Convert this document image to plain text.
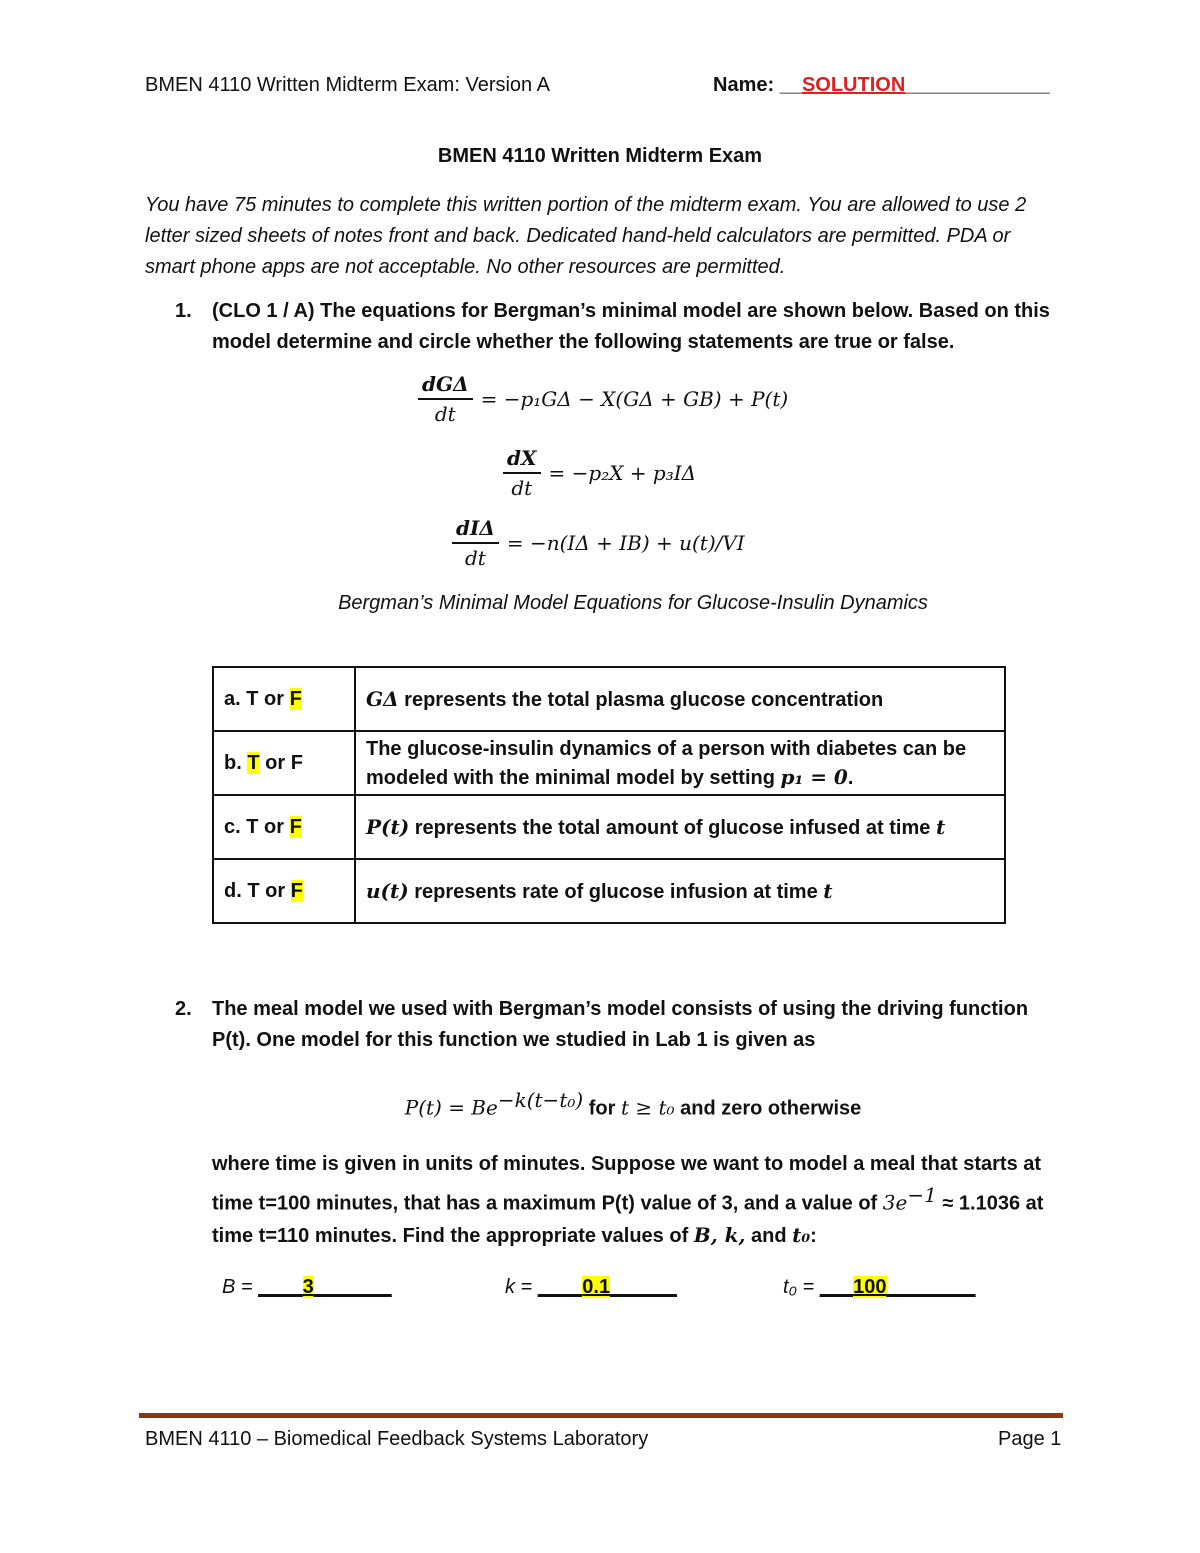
BMEN 4110 Written Midterm Exam: Version A	Name: __SOLUTION_____________
BMEN 4110 Written Midterm Exam
You have 75 minutes to complete this written portion of the midterm exam. You are allowed to use 2 letter sized sheets of notes front and back. Dedicated hand-held calculators are permitted. PDA or smart phone apps are not acceptable. No other resources are permitted.
1. (CLO 1 / A) The equations for Bergman’s minimal model are shown below. Based on this model determine and circle whether the following statements are true or false.
$\frac{\text{dGΔ}}{dt} = -p_1G\Delta - X(G\Delta + GB) + P(t)$
$\frac{dX}{dt} = -p_2X + p_3I\Delta$
$\frac{\text{dIΔ}}{dt} = -n(I\Delta + IB) + u(t)/VI$
Bergman’s Minimal Model Equations for Glucose-Insulin Dynamics
a. T or F	GΔ represents the total plasma glucose concentration
b. T or F	The glucose-insulin dynamics of a person with diabetes can be modeled with the minimal model by setting p₁ = 0.
c. T or F	P(t) represents the total amount of glucose infused at time t
d. T or F	u(t) represents rate of glucose infusion at time t
2. The meal model we used with Bergman’s model consists of using the driving function P(t). One model for this function we studied in Lab 1 is given as
$P(t) = Be^{-k(t-t_0)}$ for t ≥ t₀ and zero otherwise
where time is given in units of minutes. Suppose we want to model a meal that starts at time t=100 minutes, that has a maximum P(t) value of 3, and a value of $3e^{-1} \approx 1.1036$ at time t=110 minutes. Find the appropriate values of B, k, and t₀:
B = ____3_______	k = ____0.1______	t₀ = ___100________
BMEN 4110 – Biomedical Feedback Systems Laboratory	Page 1
